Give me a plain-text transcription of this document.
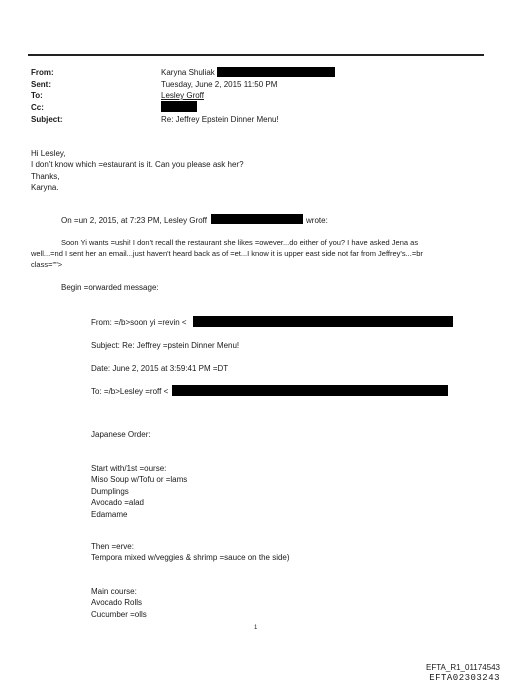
From:
Sent:
To:
Cc:
Subject:
Karyna Shuliak
Tuesday, June 2, 2015 11:50 PM
Lesley Groff
Re: Jeffrey Epstein Dinner Menu!
Hi Lesley,
I don't know which =estaurant is it. Can you please ask her?
Thanks,
Karyna.
On =un 2, 2015, at 7:23 PM, Lesley Groff	wrote:
Soon Yi wants =ushi! I don't recall the restaurant she likes =owever...do either of you? I have asked Jena as
well...=nd I sent her an email...just haven't heard back as of =et...I know it is upper east side not far from Jeffrey's...=br
class="">
Begin =orwarded message:
From: =/b>soon yi =revin <
Subject: Re: Jeffrey =pstein Dinner Menu!
Date: June 2, 2015 at 3:59:41 PM =DT
To: =/b>Lesley =roff <
Japanese Order:
Start with/1st =ourse:
Miso Soup w/Tofu or =lams
Dumplings
Avocado =alad
Edamame
Then =erve:
Tempora mixed w/veggies & shrimp =sauce on the side)
Main course:
Avocado Rolls
Cucumber =olls
1
EFTA_R1_01174543
EFTA02303243
